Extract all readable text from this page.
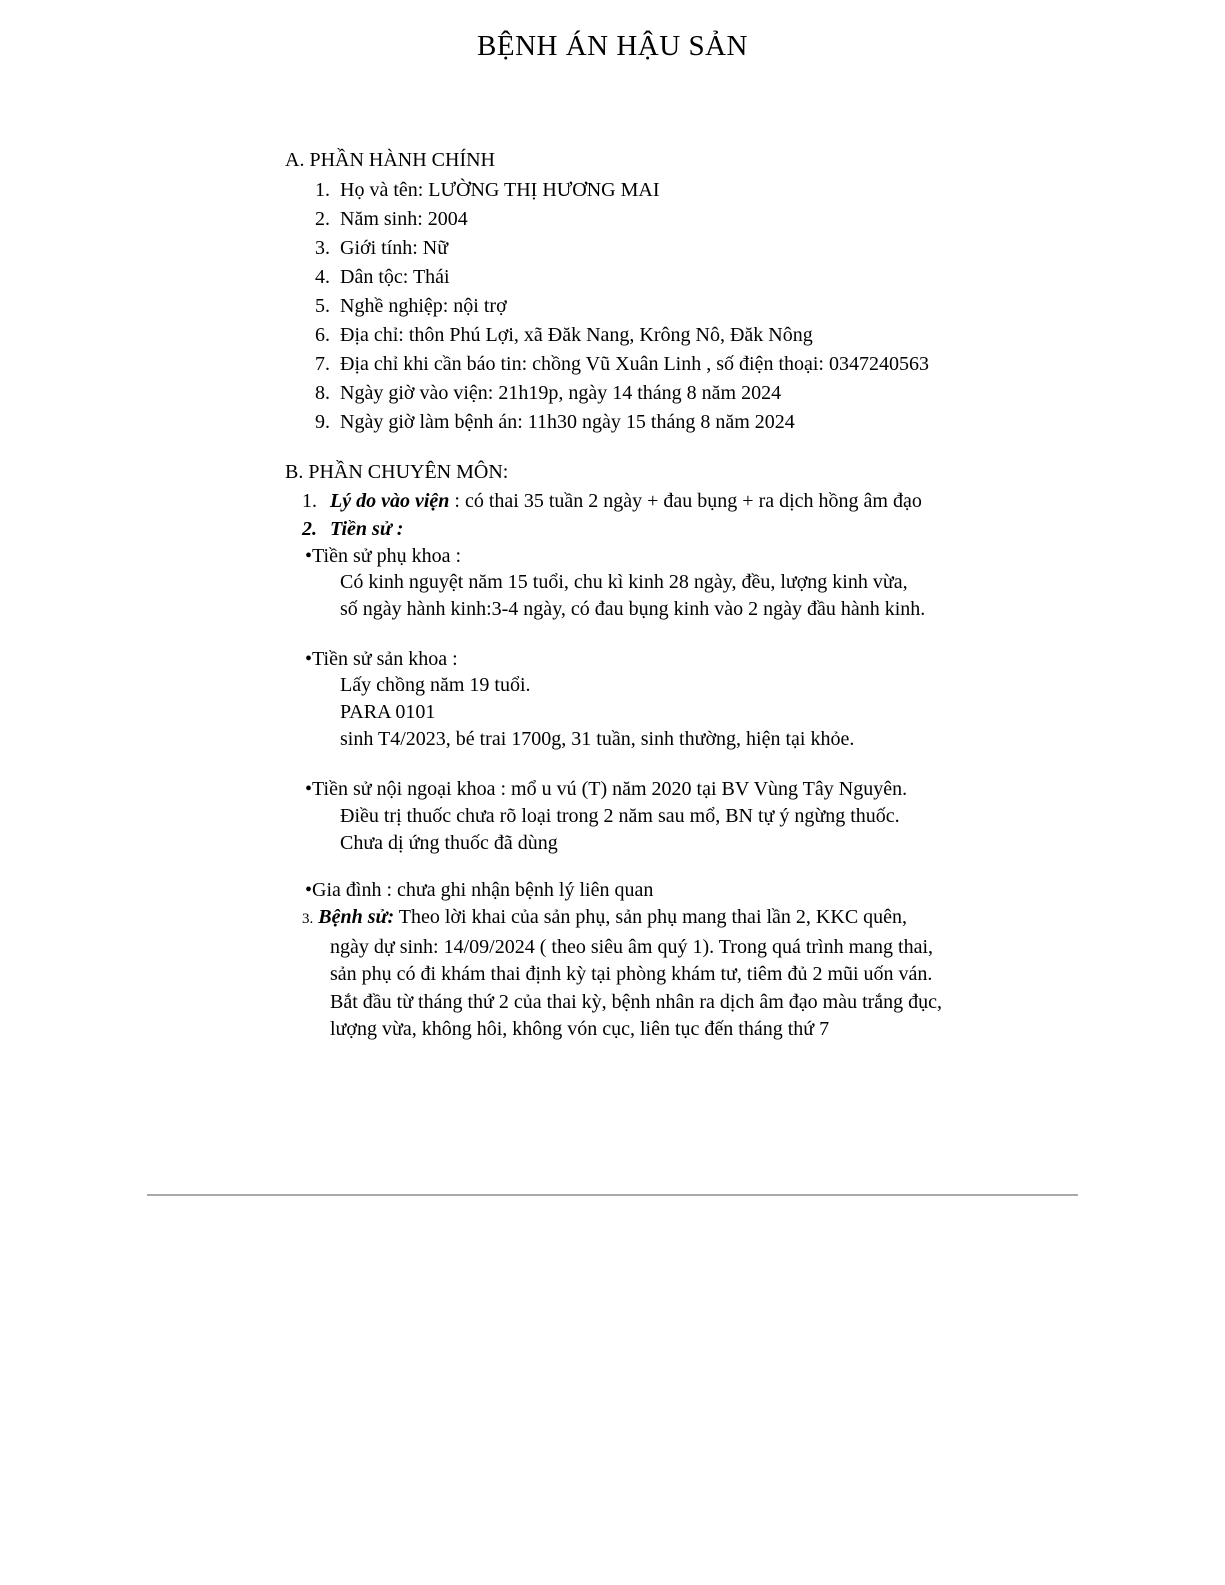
BỆNH ÁN HẬU SẢN
A. PHẦN HÀNH CHÍNH
1. Họ và tên: LƯỜNG THỊ HƯƠNG MAI
2. Năm sinh: 2004
3. Giới tính: Nữ
4. Dân tộc: Thái
5. Nghề nghiệp: nội trợ
6. Địa chỉ: thôn Phú Lợi, xã Đăk Nang, Krông Nô, Đăk Nông
7. Địa chỉ khi cần báo tin: chồng Vũ Xuân Linh , số điện thoại: 0347240563
8. Ngày giờ vào viện: 21h19p, ngày 14 tháng 8 năm 2024
9. Ngày giờ làm bệnh án: 11h30 ngày 15 tháng 8 năm 2024
B. PHẦN CHUYÊN MÔN:
1. Lý do vào viện : có thai 35 tuần 2 ngày + đau bụng + ra dịch hồng âm đạo
2. Tiền sử :
•Tiền sử phụ khoa :
Có kinh nguyệt năm 15 tuổi, chu kì kinh 28 ngày, đều, lượng kinh vừa,
số ngày hành kinh:3-4 ngày, có đau bụng kinh vào 2 ngày đầu hành kinh.
•Tiền sử sản khoa :
Lấy chồng năm 19 tuổi.
PARA 0101
sinh T4/2023, bé trai 1700g, 31 tuần, sinh thường, hiện tại khỏe.
•Tiền sử nội ngoại khoa : mổ u vú (T) năm 2020 tại BV Vùng Tây Nguyên. Điều trị thuốc chưa rõ loại trong 2 năm sau mổ, BN tự ý ngừng thuốc.
Chưa dị ứng thuốc đã dùng
•Gia đình : chưa ghi nhận bệnh lý liên quan
3. Bệnh sử: Theo lời khai của sản phụ, sản phụ mang thai lần 2, KKC quên, ngày dự sinh: 14/09/2024 ( theo siêu âm quý 1). Trong quá trình mang thai, sản phụ có đi khám thai định kỳ tại phòng khám tư, tiêm đủ 2 mũi uốn ván. Bắt đầu từ tháng thứ 2 của thai kỳ, bệnh nhân ra dịch âm đạo màu trắng đục, lượng vừa, không hôi, không vón cục, liên tục đến tháng thứ 7
